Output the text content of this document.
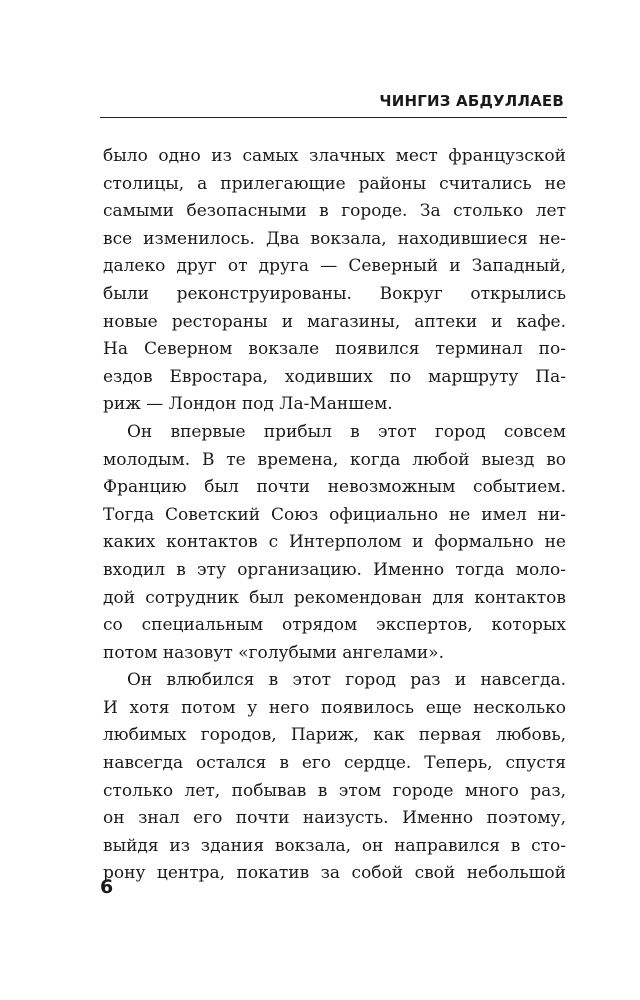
ЧИНГИЗ АБДУЛЛАЕВ

было одно из самых злачных мест французской
столицы, а прилегающие районы считались не
самыми безопасными в городе. За столько лет
все изменилось. Два вокзала, находившиеся не-
далеко друг от друга — Северный и Западный,
были реконструированы. Вокруг открылись
новые рестораны и магазины, аптеки и кафе.
На Северном вокзале появился терминал по-
ездов Евростара, ходивших по маршруту Па-
риж — Лондон под Ла-Маншем.

Он впервые прибыл в этот город совсем
молодым. В те времена, когда любой выезд во
Францию был почти невозможным событием.
Тогда Советский Союз официально не имел ни-
каких контактов с Интерполом и формально не
входил в эту организацию. Именно тогда моло-
дой сотрудник был рекомендован для контактов
со специальным отрядом экспертов, которых
потом назовут «голубыми ангелами».

Он влюбился в этот город раз и навсегда.
И хотя потом у него появилось еще несколько
любимых городов, Париж, как первая любовь,
навсегда остался в его сердце. Теперь, спустя
столько лет, побывав в этом городе много раз,
он знал его почти наизусть. Именно поэтому,
выйдя из здания вокзала, он направился в сто-
рону центра, покатив за собой свой небольшой

6
